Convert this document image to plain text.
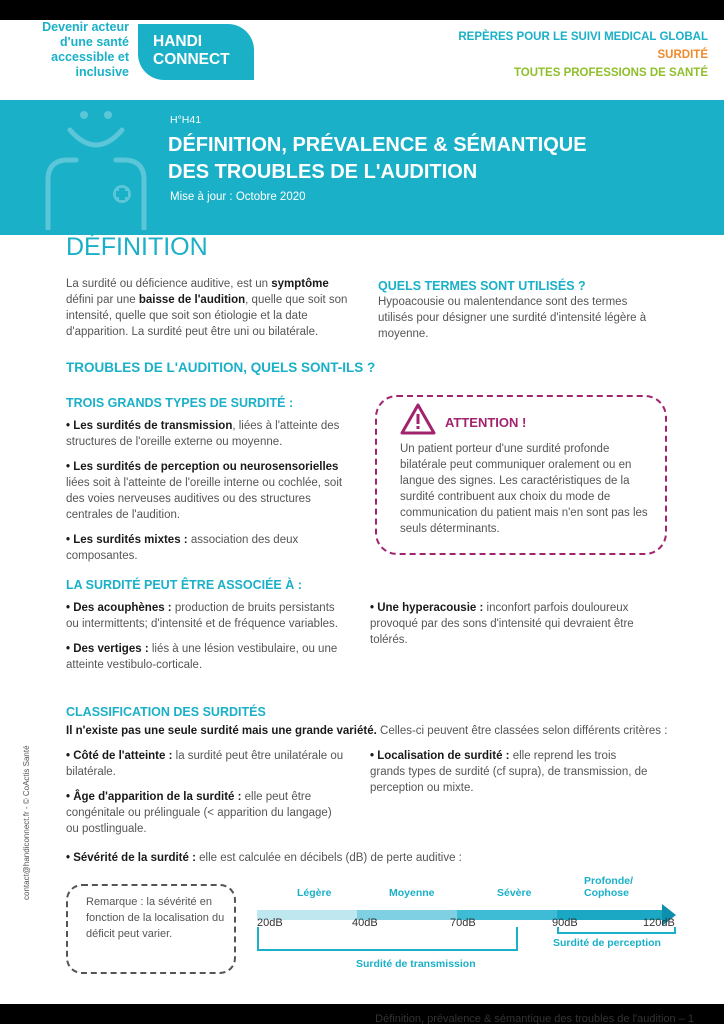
Devenir acteur d'une santé accessible et inclusive
HANDI
CONNECT
REPÈRES POUR LE SUIVI MEDICAL GLOBAL
SURDITÉ
TOUTES PROFESSIONS DE SANTÉ
H°H41
DÉFINITION, PRÉVALENCE & SÉMANTIQUE
DES TROUBLES DE L'AUDITION
Mise à jour : Octobre 2020
DÉFINITION
La surdité ou déficience auditive, est un symptôme défini par une baisse de l'audition, quelle que soit son intensité, quelle que soit son étiologie et la date d'apparition. La surdité peut être uni ou bilatérale.
QUELS TERMES SONT UTILISÉS ?
Hypoacousie ou malentendance sont des termes utilisés pour désigner une surdité d'intensité légère à moyenne.
TROUBLES DE L'AUDITION, QUELS SONT-ILS ?
TROIS GRANDS TYPES DE SURDITÉ :
• Les surdités de transmission, liées à l'atteinte des structures de l'oreille externe ou moyenne.
• Les surdités de perception ou neurosensorielles liées soit à l'atteinte de l'oreille interne ou cochlée, soit des voies nerveuses auditives ou des structures centrales de l'audition.
• Les surdités mixtes : association des deux composantes.
ATTENTION !
Un patient porteur d'une surdité profonde bilatérale peut communiquer oralement ou en langue des signes. Les caractéristiques de la surdité contribuent aux choix du mode de communication du patient mais n'en sont pas les seuls déterminants.
LA SURDITÉ PEUT ÊTRE ASSOCIÉE À :
• Des acouphènes : production de bruits persistants ou intermittents; d'intensité et de fréquence variables.
• Des vertiges : liés à une lésion vestibulaire, ou une atteinte vestibulo-corticale.
• Une hyperacousie : inconfort parfois douloureux provoqué par des sons d'intensité qui devraient être tolérés.
CLASSIFICATION DES SURDITÉS
Il n'existe pas une seule surdité mais une grande variété. Celles-ci peuvent être classées selon différents critères :
• Côté de l'atteinte : la surdité peut être unilatérale ou bilatérale.
• Âge d'apparition de la surdité : elle peut être congénitale ou prélinguale (< apparition du langage) ou postlinguale.
• Localisation de surdité : elle reprend les trois grands types de surdité (cf supra), de transmission, de perception ou mixte.
• Sévérité de la surdité : elle est calculée en décibels (dB) de perte auditive :
Remarque : la sévérité en fonction de la localisation du déficit peut varier.
Légère	Moyenne	Sévère
Profonde/ Cophose
20dB	40dB	70dB	90dB	120dB
Surdité de perception
Surdité de transmission
Définition, prévalence & sémantique des troubles de l'audition – 1
contact@handiconnect.fr - © CoActis Santé
